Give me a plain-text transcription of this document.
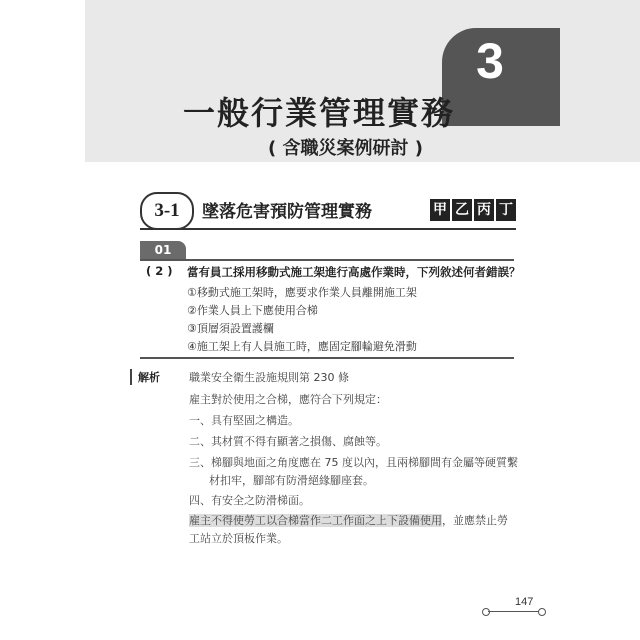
3
一般行業管理實務
( 含職災案例研討 )
3-1	墜落危害預防管理實務	甲 乙 丙 丁
01
( 2 ) 當有員工採用移動式施工架進行高處作業時，下列敘述何者錯誤？
①移動式施工架時，應要求作業人員離開施工架
②作業人員上下應使用合梯
③頂層須設置護欄
④施工架上有人員施工時，應固定腳輪避免滑動
解析	職業安全衛生設施規則第 230 條
雇主對於使用之合梯，應符合下列規定：
一、具有堅固之構造。
二、其材質不得有顯著之損傷、腐蝕等。
三、梯腳與地面之角度應在 75 度以內，且兩梯腳間有金屬等硬質繫
材扣牢，腳部有防滑絕緣腳座套。
四、有安全之防滑梯面。
雇主不得使勞工以合梯當作二工作面之上下設備使用，並應禁止勞
工站立於頂板作業。
147
